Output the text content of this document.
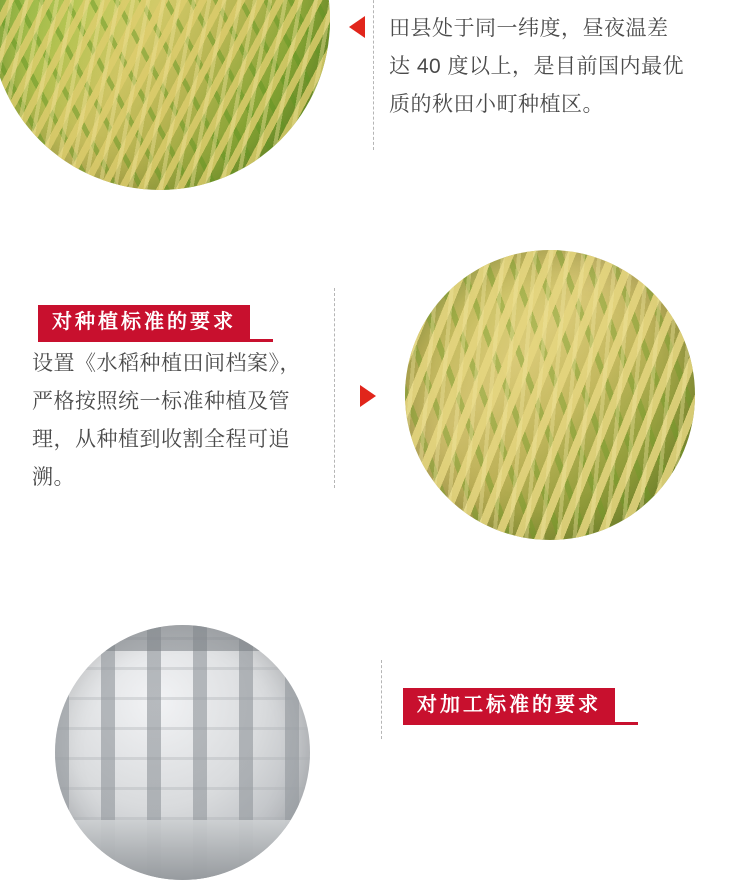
田县处于同一纬度，昼夜温差达 40 度以上，是目前国内最优质的秋田小町种植区。
对种植标准的要求
设置《水稻种植田间档案》，严格按照统一标准种植及管理，从种植到收割全程可追溯。
对加工标准的要求
